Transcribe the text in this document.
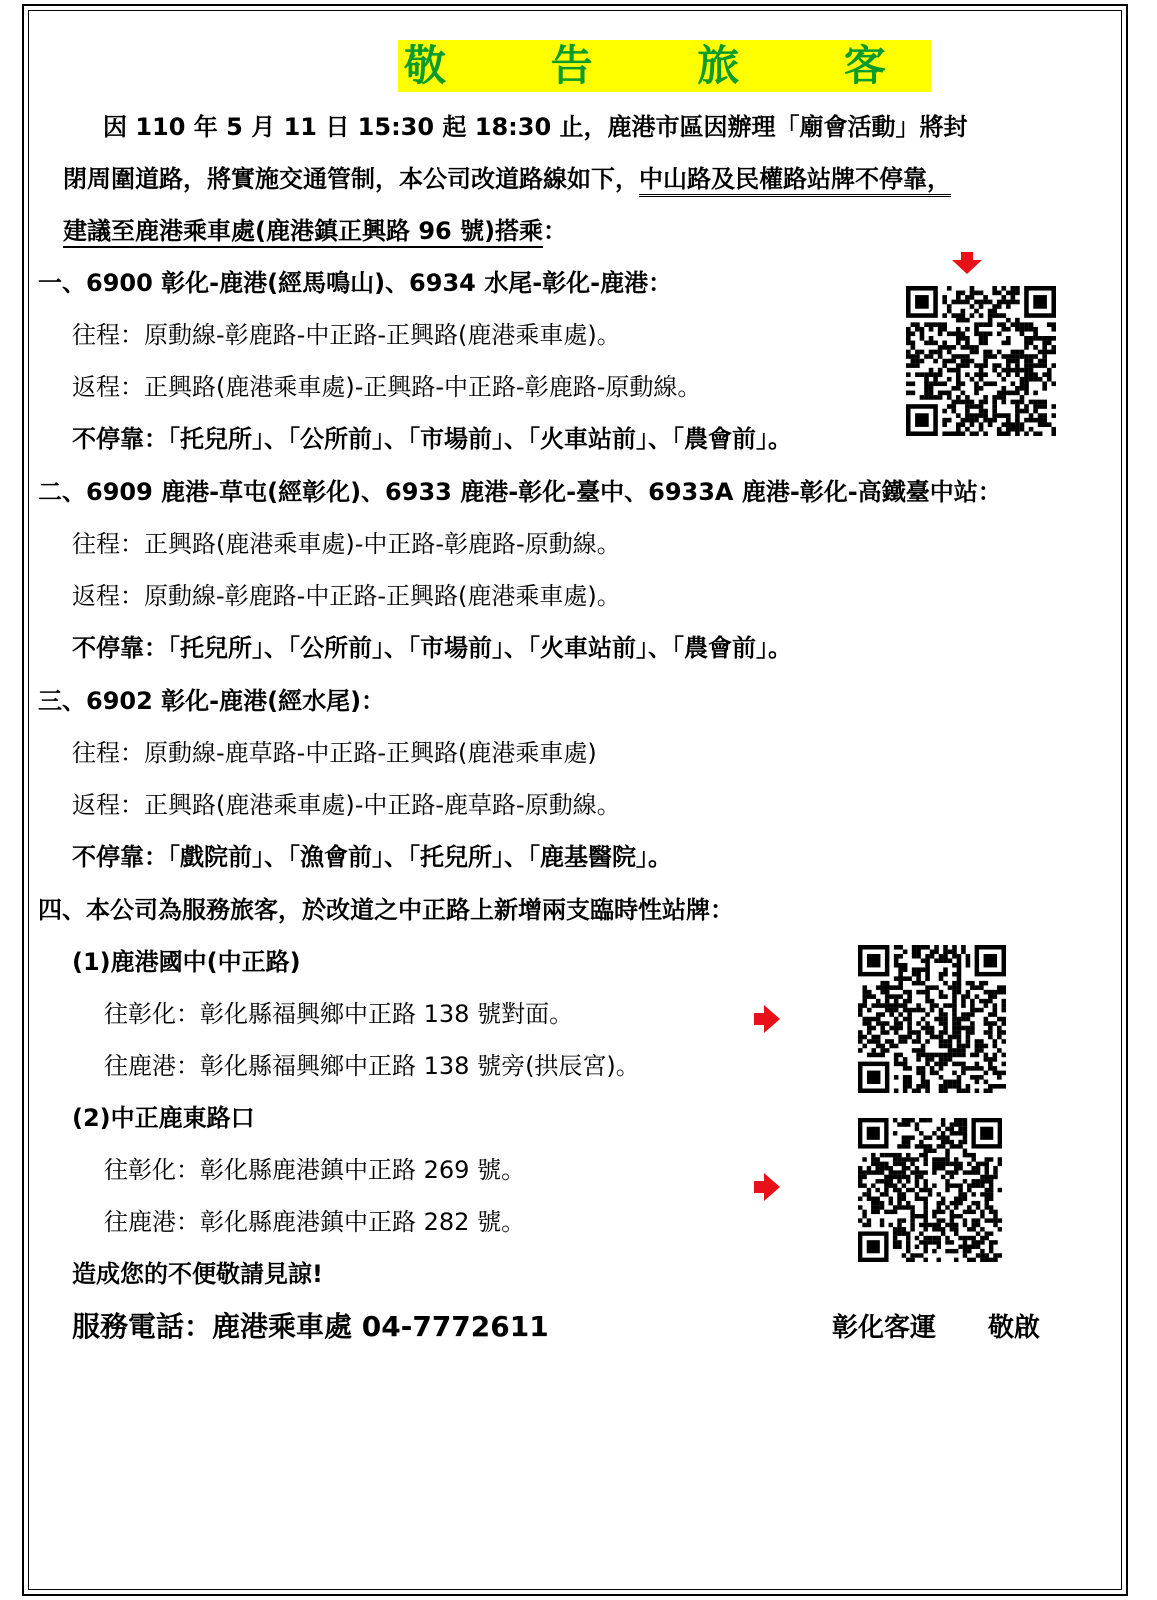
敬 告 旅 客
因 110 年 5 月 11 日 15:30 起 18:30 止，鹿港市區因辦理「廟會活動」將封
閉周圍道路，將實施交通管制，本公司改道路線如下，中山路及民權路站牌不停靠，
建議至鹿港乘車處(鹿港鎮正興路 96 號)搭乘：
一、6900 彰化-鹿港(經馬鳴山)、6934 水尾-彰化-鹿港：
往程：原動線-彰鹿路-中正路-正興路(鹿港乘車處)。
返程：正興路(鹿港乘車處)-正興路-中正路-彰鹿路-原動線。
不停靠：「托兒所」、「公所前」、「市場前」、「火車站前」、「農會前」。
二、6909 鹿港-草屯(經彰化)、6933 鹿港-彰化-臺中、6933A 鹿港-彰化-高鐵臺中站：
往程：正興路(鹿港乘車處)-中正路-彰鹿路-原動線。
返程：原動線-彰鹿路-中正路-正興路(鹿港乘車處)。
不停靠：「托兒所」、「公所前」、「市場前」、「火車站前」、「農會前」。
三、6902 彰化-鹿港(經水尾)：
往程：原動線-鹿草路-中正路-正興路(鹿港乘車處)
返程：正興路(鹿港乘車處)-中正路-鹿草路-原動線。
不停靠：「戲院前」、「漁會前」、「托兒所」、「鹿基醫院」。
四、本公司為服務旅客，於改道之中正路上新增兩支臨時性站牌：
(1)鹿港國中(中正路)
往彰化：彰化縣福興鄉中正路 138 號對面。
往鹿港：彰化縣福興鄉中正路 138 號旁(拱辰宮)。
(2)中正鹿東路口
往彰化：彰化縣鹿港鎮中正路 269 號。
往鹿港：彰化縣鹿港鎮中正路 282 號。
造成您的不便敬請見諒!
服務電話：鹿港乘車處 04-7772611	彰化客運　　敬啟
